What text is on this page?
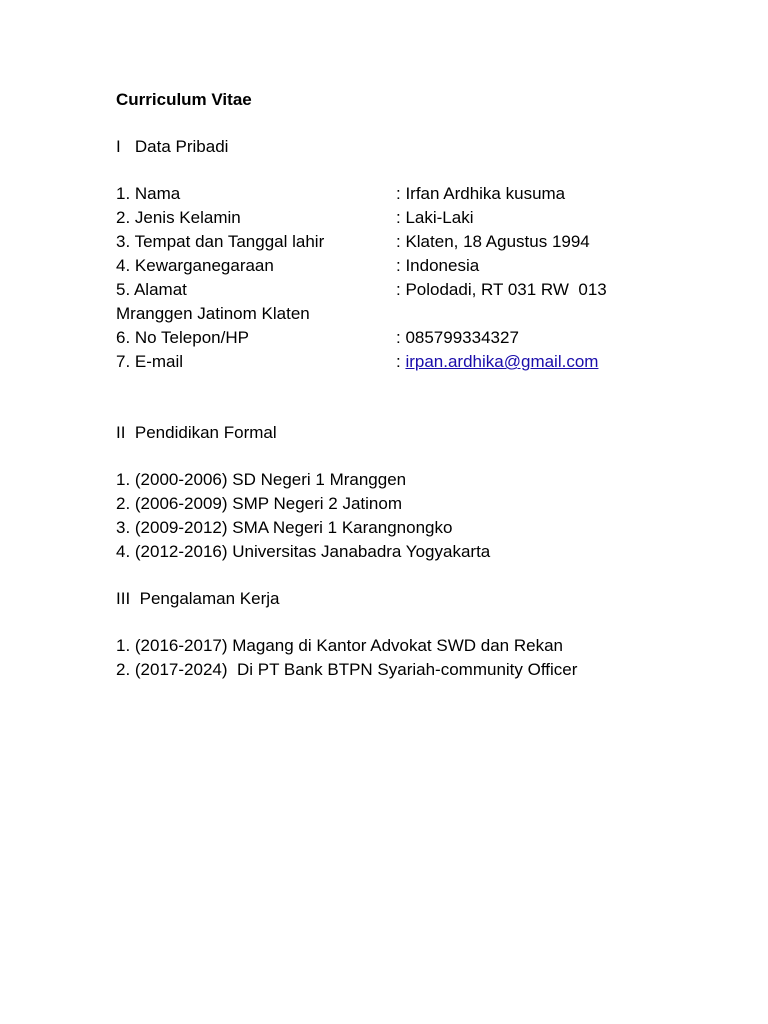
Curriculum Vitae
I   Data Pribadi
1. Nama	: Irfan Ardhika kusuma
2. Jenis Kelamin	: Laki-Laki
3. Tempat dan Tanggal lahir	: Klaten, 18 Agustus 1994
4. Kewarganegaraan	: Indonesia
5. Alamat	: Polodadi, RT 031 RW  013
Mranggen Jatinom Klaten
6. No Telepon/HP	: 085799334327
7. E-mail	: irpan.ardhika@gmail.com
II  Pendidikan Formal
1. (2000-2006) SD Negeri 1 Mranggen
2. (2006-2009) SMP Negeri 2 Jatinom
3. (2009-2012) SMA Negeri 1 Karangnongko
4. (2012-2016) Universitas Janabadra Yogyakarta
III  Pengalaman Kerja
1. (2016-2017) Magang di Kantor Advokat SWD dan Rekan
2. (2017-2024)  Di PT Bank BTPN Syariah-community Officer
